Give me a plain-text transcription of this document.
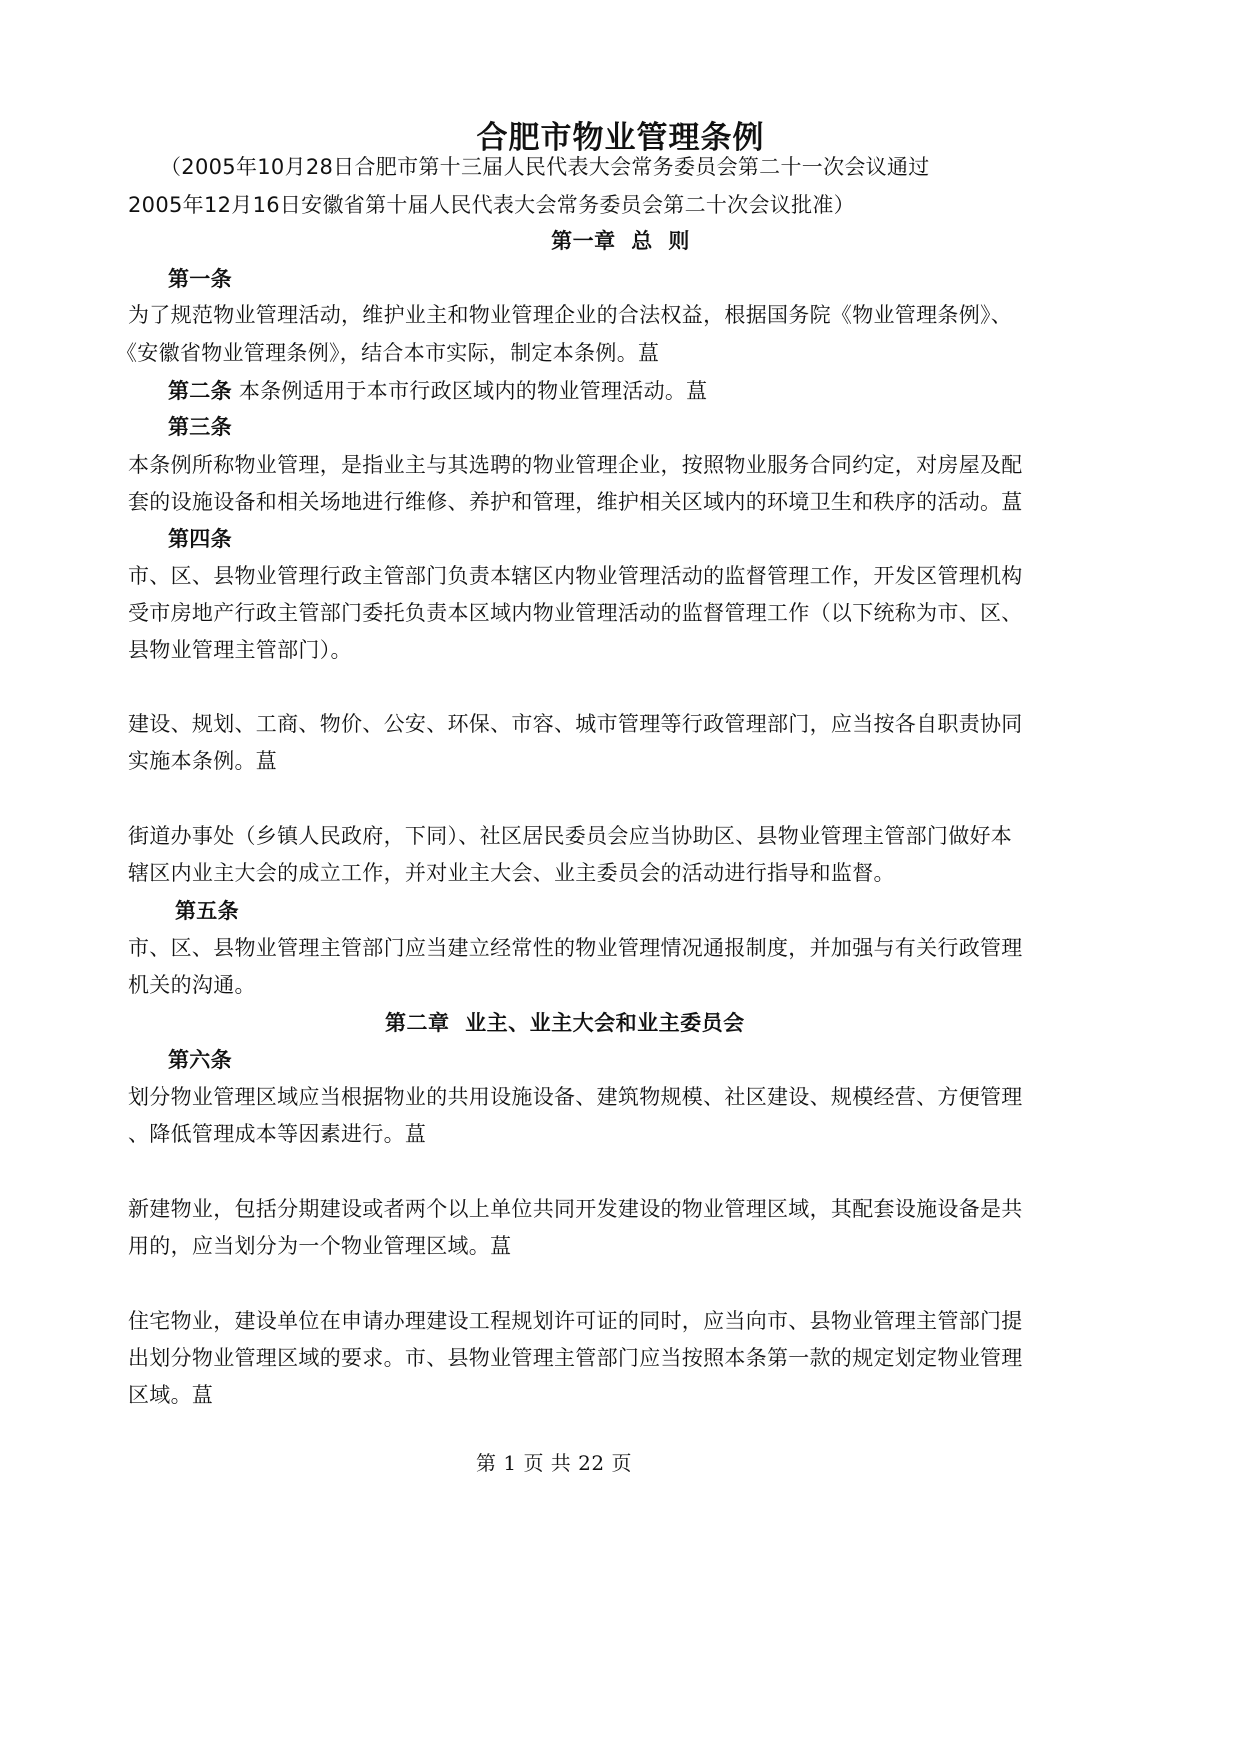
合肥市物业管理条例
（2005年10月28日合肥市第十三届人民代表大会常务委员会第二十一次会议通过
2005年12月16日安徽省第十届人民代表大会常务委员会第二十次会议批准）
第一章  总  则
第一条
为了规范物业管理活动，维护业主和物业管理企业的合法权益，根据国务院《物业管理条例》、
《安徽省物业管理条例》，结合本市实际，制定本条例。蒀
第二条 本条例适用于本市行政区域内的物业管理活动。蒀
第三条
本条例所称物业管理，是指业主与其选聘的物业管理企业，按照物业服务合同约定，对房屋及配
套的设施设备和相关场地进行维修、养护和管理，维护相关区域内的环境卫生和秩序的活动。蒀
第四条
市、区、县物业管理行政主管部门负责本辖区内物业管理活动的监督管理工作，开发区管理机构
受市房地产行政主管部门委托负责本区域内物业管理活动的监督管理工作（以下统称为市、区、
县物业管理主管部门）。
建设、规划、工商、物价、公安、环保、市容、城市管理等行政管理部门，应当按各自职责协同
实施本条例。蒀
街道办事处（乡镇人民政府，下同）、社区居民委员会应当协助区、县物业管理主管部门做好本
辖区内业主大会的成立工作，并对业主大会、业主委员会的活动进行指导和监督。
第五条
市、区、县物业管理主管部门应当建立经常性的物业管理情况通报制度，并加强与有关行政管理
机关的沟通。
第二章  业主、业主大会和业主委员会
第六条
划分物业管理区域应当根据物业的共用设施设备、建筑物规模、社区建设、规模经营、方便管理
、降低管理成本等因素进行。蒀
新建物业，包括分期建设或者两个以上单位共同开发建设的物业管理区域，其配套设施设备是共
用的，应当划分为一个物业管理区域。蒀
住宅物业，建设单位在申请办理建设工程规划许可证的同时，应当向市、县物业管理主管部门提
出划分物业管理区域的要求。市、县物业管理主管部门应当按照本条第一款的规定划定物业管理
区域。蒀
第 1 页 共 22 页
